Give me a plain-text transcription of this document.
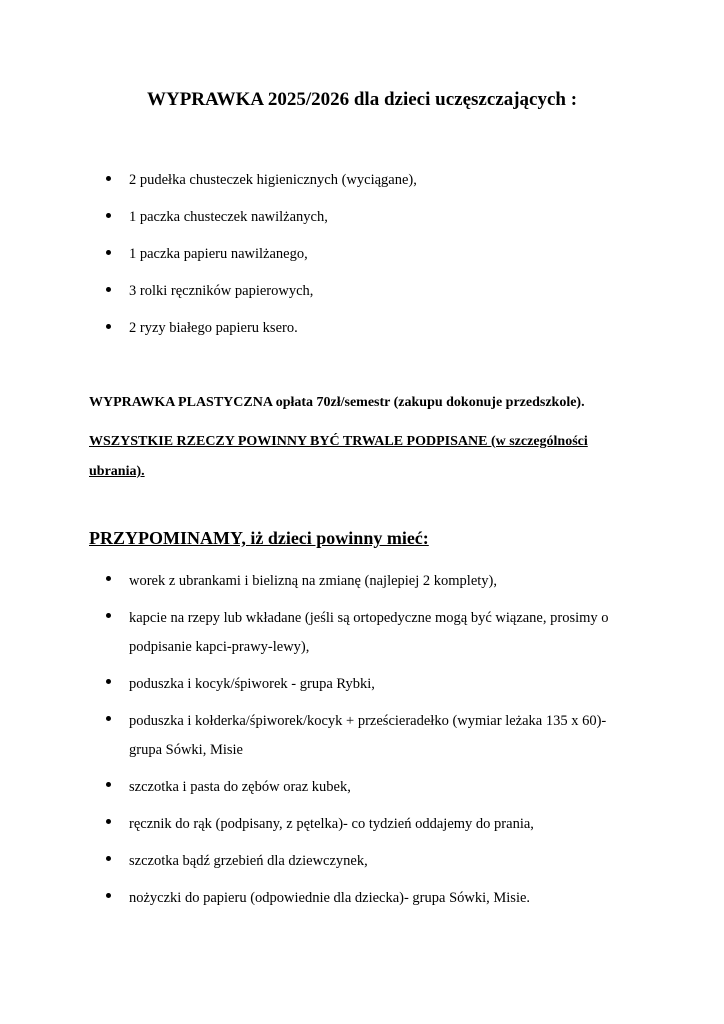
WYPRAWKA 2025/2026 dla dzieci uczęszczających :
2 pudełka chusteczek higienicznych (wyciągane),
1 paczka chusteczek nawilżanych,
1 paczka papieru nawilżanego,
3 rolki ręczników papierowych,
2 ryzy białego papieru ksero.

WYPRAWKA PLASTYCZNA opłata 70zł/semestr (zakupu dokonuje przedszkole).

WSZYSTKIE RZECZY POWINNY BYĆ TRWALE PODPISANE (w szczególności ubrania).

PRZYPOMINAMY, iż dzieci powinny mieć:
worek z ubrankami i bielizną na zmianę (najlepiej 2 komplety),
kapcie na rzepy lub wkładane (jeśli są ortopedyczne mogą być wiązane, prosimy o podpisanie kapci-prawy-lewy),
poduszka i kocyk/śpiworek - grupa Rybki,
poduszka i kołderka/śpiworek/kocyk + prześcieradełko (wymiar leżaka 135 x 60)- grupa Sówki, Misie
szczotka i pasta do zębów oraz kubek,
ręcznik do rąk (podpisany, z pętelka)- co tydzień oddajemy do prania,
szczotka bądź grzebień dla dziewczynek,
nożyczki do papieru (odpowiednie dla dziecka)- grupa Sówki, Misie.
